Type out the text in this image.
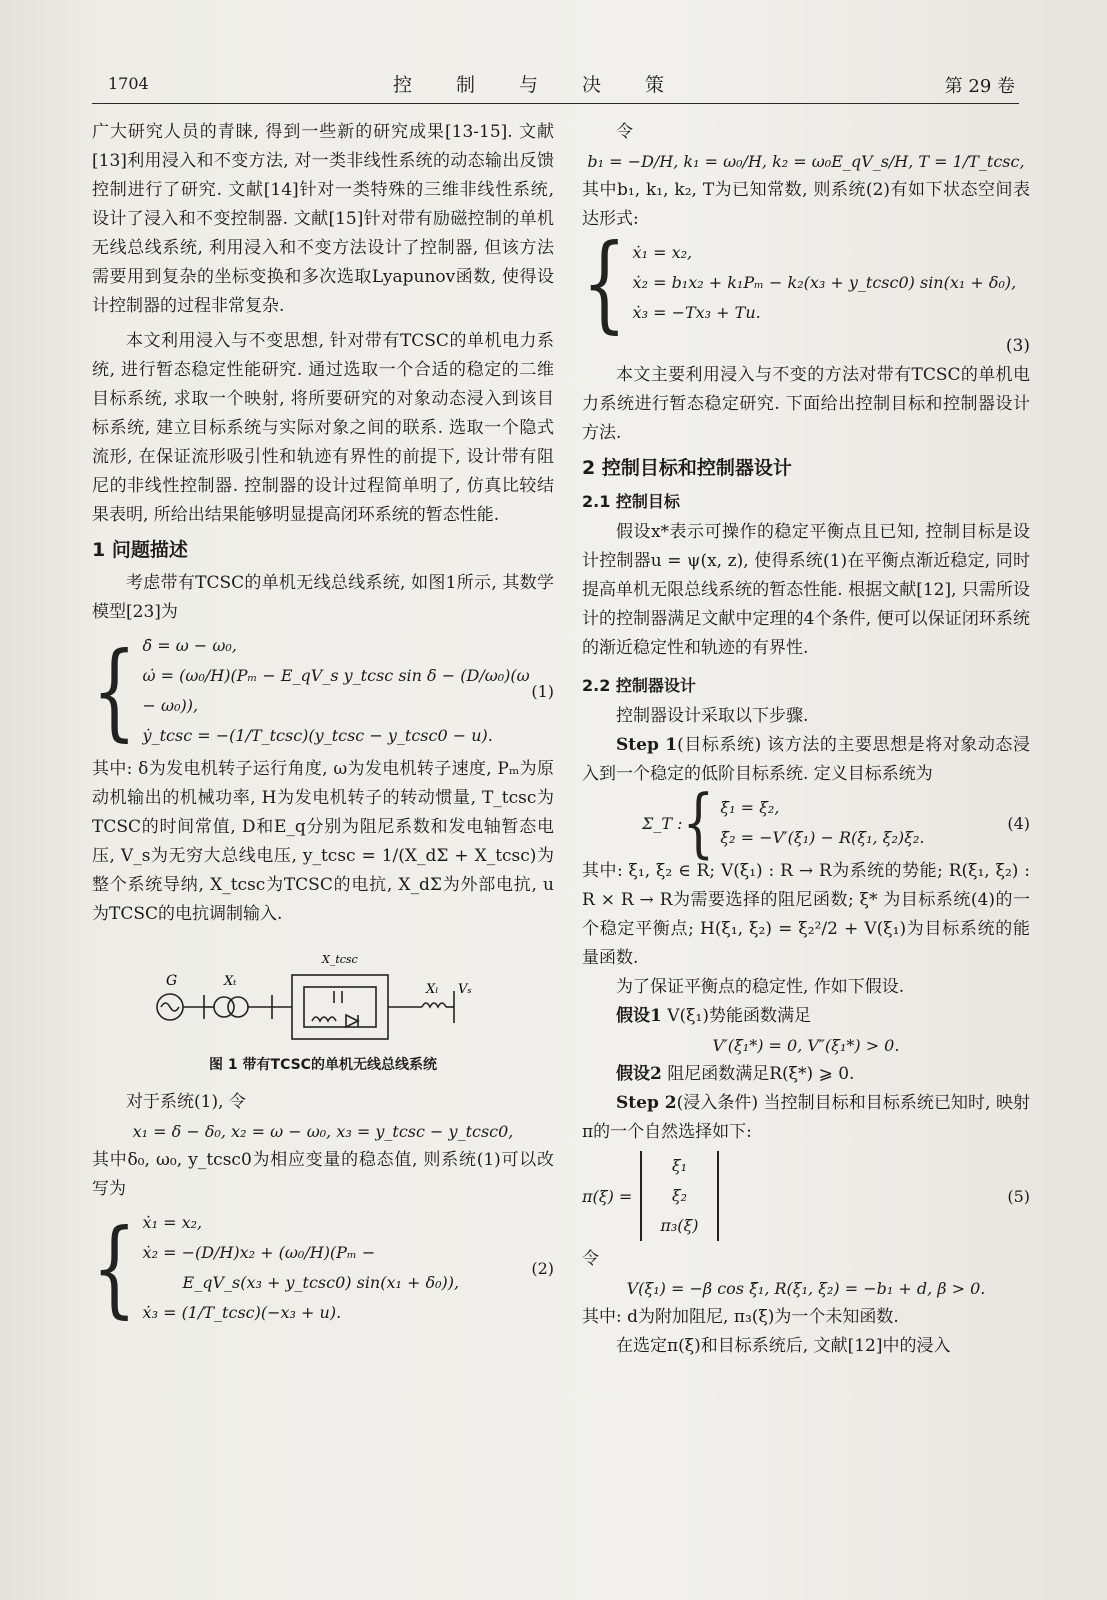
1704	控制与决策	第 29 卷

广大研究人员的青睐, 得到一些新的研究成果[13-15]. 文献[13]利用浸入和不变方法, 对一类非线性系统的动态输出反馈控制进行了研究. 文献[14]针对一类特殊的三维非线性系统, 设计了浸入和不变控制器. 文献[15]针对带有励磁控制的单机无线总线系统, 利用浸入和不变方法设计了控制器, 但该方法需要用到复杂的坐标变换和多次选取Lyapunov函数, 使得设计控制器的过程非常复杂.

本文利用浸入与不变思想, 针对带有TCSC的单机电力系统, 进行暂态稳定性能研究. 通过选取一个合适的稳定的二维目标系统, 求取一个映射, 将所要研究的对象动态浸入到该目标系统, 建立目标系统与实际对象之间的联系. 选取一个隐式流形, 在保证流形吸引性和轨迹有界性的前提下, 设计带有阻尼的非线性控制器. 控制器的设计过程简单明了, 仿真比较结果表明, 所给出结果能够明显提高闭环系统的暂态性能.

1 问题描述

考虑带有TCSC的单机无线总线系统, 如图1所示, 其数学模型[23]为

{ δ̇ = ω − ω₀,
ω̇ = (ω₀/H)(Pₘ − E_qV_s y_tcsc sin δ − (D/ω₀)(ω − ω₀)),
ẏ_tcsc = −(1/T_tcsc)(y_tcsc − y_tcsc0 − u).
(1)

其中: δ为发电机转子运行角度, ω为发电机转子速度, Pₘ为原动机输出的机械功率, H为发电机转子的转动惯量, T_tcsc为TCSC的时间常值, D和E_q分别为阻尼系数和发电轴暂态电压, V_s为无穷大总线电压, y_tcsc = 1/(X_dΣ + X_tcsc)为整个系统导纳, X_tcsc为TCSC的电抗, X_dΣ为外部电抗, u为TCSC的电抗调制输入.

G	Xₜ
X_tcsc
Xₗ Vₛ
图 1 带有TCSC的单机无线总线系统

对于系统(1), 令

x₁ = δ − δ₀, x₂ = ω − ω₀, x₃ = y_tcsc − y_tcsc0,

其中δ₀, ω₀, y_tcsc0为相应变量的稳态值, 则系统(1)可以改写为

{ ẋ₁ = x₂,
ẋ₂ = −(D/H)x₂ + (ω₀/H)(Pₘ −
E_qV_s(x₃ + y_tcsc0) sin(x₁ + δ₀)),
ẋ₃ = (1/T_tcsc)(−x₃ + u).
(2)

令

b₁ = −D/H, k₁ = ω₀/H, k₂ = ω₀E_qV_s/H, T = 1/T_tcsc,

其中b₁, k₁, k₂, T为已知常数, 则系统(2)有如下状态空间表达形式:

{ ẋ₁ = x₂,
ẋ₂ = b₁x₂ + k₁Pₘ − k₂(x₃ + y_tcsc0) sin(x₁ + δ₀),
ẋ₃ = −Tx₃ + Tu.
(3)

本文主要利用浸入与不变的方法对带有TCSC的单机电力系统进行暂态稳定研究. 下面给出控制目标和控制器设计方法.

2 控制目标和控制器设计
2.1 控制目标

假设x*表示可操作的稳定平衡点且已知, 控制目标是设计控制器u = ψ(x, z), 使得系统(1)在平衡点渐近稳定, 同时提高单机无限总线系统的暂态性能. 根据文献[12], 只需所设计的控制器满足文献中定理的4个条件, 便可以保证闭环系统的渐近稳定性和轨迹的有界性.

2.2 控制器设计

控制器设计采取以下步骤.

Step 1(目标系统) 该方法的主要思想是将对象动态浸入到一个稳定的低阶目标系统. 定义目标系统为

Σ_T : { ξ̇₁ = ξ₂,
ξ̇₂ = −V′(ξ₁) − R(ξ₁, ξ₂)ξ₂.
(4)

其中: ξ₁, ξ₂ ∈ R; V(ξ₁) : R → R为系统的势能; R(ξ₁, ξ₂) : R × R → R为需要选择的阻尼函数; ξ* 为目标系统(4)的一个稳定平衡点; H(ξ₁, ξ₂) = ξ₂²/2 + V(ξ₁)为目标系统的能量函数.

为了保证平衡点的稳定性, 作如下假设.

假设1 V(ξ₁)势能函数满足

V′(ξ₁*) = 0, V″(ξ₁*) > 0.

假设2 阻尼函数满足R(ξ*) ⩾ 0.

Step 2(浸入条件) 当控制目标和目标系统已知时, 映射π的一个自然选择如下:

π(ξ) =
ξ₁
ξ₂
π₃(ξ)
(5)

令

V(ξ₁) = −β cos ξ̃₁, R(ξ₁, ξ₂) = −b₁ + d, β > 0.

其中: d为附加阻尼, π₃(ξ)为一个未知函数.

在选定π(ξ)和目标系统后, 文献[12]中的浸入
